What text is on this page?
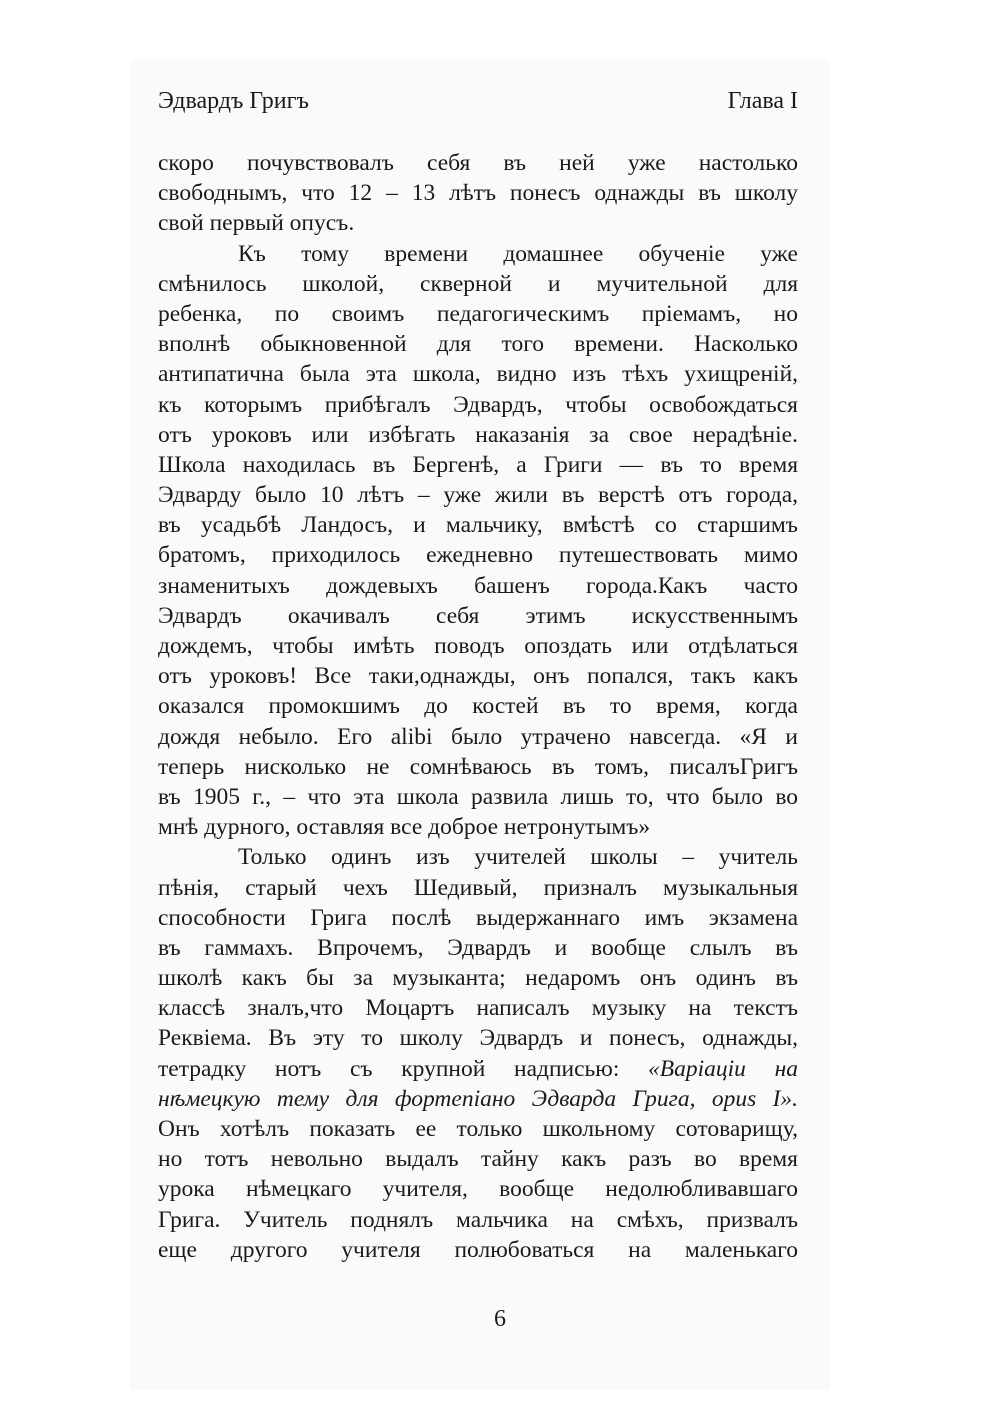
Эдвардъ Григъ	Глава I
скоро почувствовалъ себя въ ней уже настолько
свободнымъ, что 12 – 13 лѣтъ понесъ однажды въ школу
свой первый опусъ.
Къ тому времени домашнее обученіе уже
смѣнилось школой, скверной и мучительной для
ребенка, по своимъ педагогическимъ пріемамъ, но
вполнѣ обыкновенной для того времени. Насколько
антипатична была эта школа, видно изъ тѣхъ ухищреній,
къ которымъ прибѣгалъ Эдвардъ, чтобы освобождаться
отъ уроковъ или избѣгать наказанія за свое нерадѣніе.
Школа находилась въ Бергенѣ, а Григи — въ то время
Эдварду было 10 лѣтъ – уже жили въ верстѣ отъ города,
въ усадьбѣ Ландосъ, и мальчику, вмѣстѣ со старшимъ
братомъ, приходилось ежедневно путешествовать мимо
знаменитыхъ дождевыхъ башенъ города.Какъ часто
Эдвардъ окачивалъ себя этимъ искусственнымъ
дождемъ, чтобы имѣть поводъ опоздать или отдѣлаться
отъ уроковъ! Все таки,однажды, онъ попался, такъ какъ
оказался промокшимъ до костей въ то время, когда
дождя небыло. Его alibi было утрачено навсегда. «Я и
теперь нисколько не сомнѣваюсь въ томъ, писалъГригъ
въ 1905 г., – что эта школа развила лишь то, что было во
мнѣ дурного, оставляя все доброе нетронутымъ»
Только одинъ изъ учителей школы – учитель
пѣнія, старый чехъ Шедивый, призналъ музыкальныя
способности Грига послѣ выдержаннаго имъ экзамена
въ гаммахъ. Впрочемъ, Эдвардъ и вообще слылъ въ
школѣ какъ бы за музыканта; недаромъ онъ одинъ въ
классѣ зналъ,что Моцартъ написалъ музыку на текстъ
Реквіема. Въ эту то школу Эдвардъ и понесъ, однажды,
тетрадку нотъ съ крупной надписью: «Варіаціи на
нѣмецкую тему для фортепіано Эдварда Грига, opus I».
Онъ хотѣлъ показать ее только школьному сотоварищу,
но тотъ невольно выдалъ тайну какъ разъ во время
урока нѣмецкаго учителя, вообще недолюбливавшаго
Грига. Учитель поднялъ мальчика на смѣхъ, призвалъ
еще другого учителя полюбоваться на маленькаго
6
